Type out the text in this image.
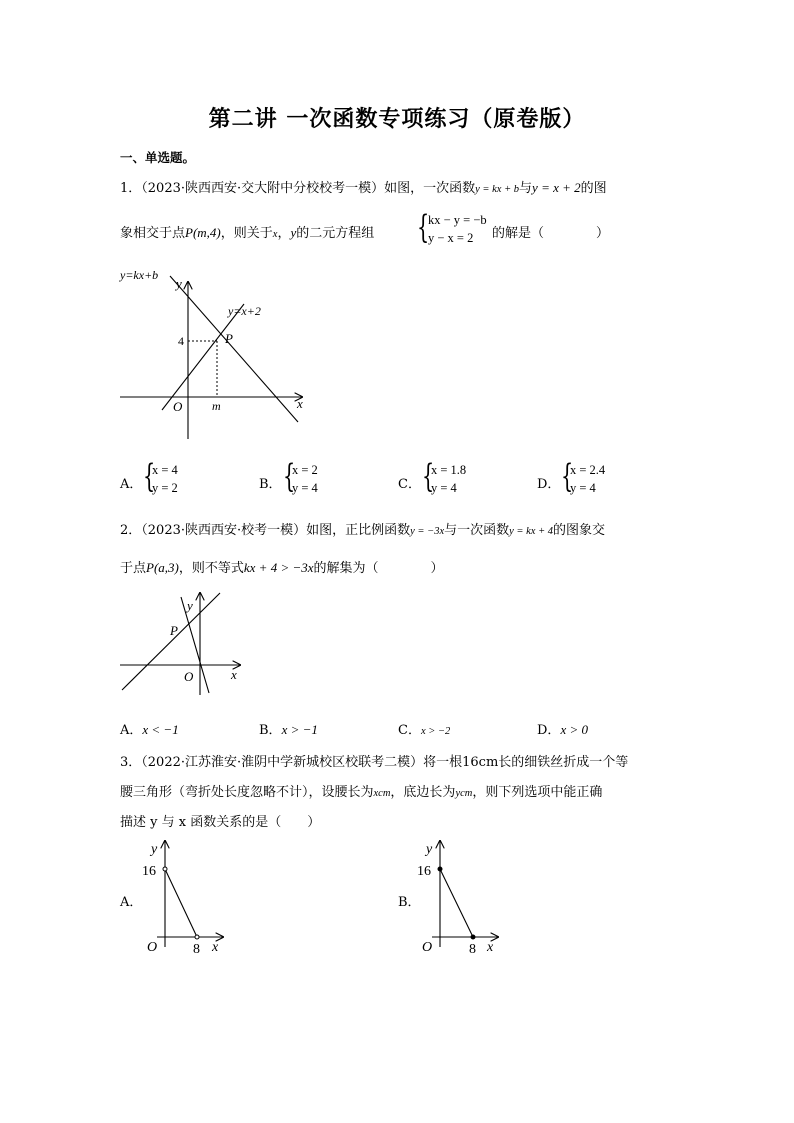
第二讲 一次函数专项练习（原卷版）
一、单选题。
1．（2023·陕西西安·交大附中分校校考一模）如图，一次函数y = kx + b与y = x + 2的图
象相交于点P(m,4)，则关于x，y的二元方程组 {
kx − y = −b
y − x = 2	的解是（　　　　）
y=kx+b
y=x+2
y
x
O
P
4
m
A． {
x = 4
y = 2	B． {
x = 2
y = 4	C． {
x = 1.8
y = 4	D． {
x = 2.4
y = 4
2．（2023·陕西西安·校考一模）如图，正比例函数y = −3x与一次函数y = kx + 4的图象交
于点P(a,3)，则不等式kx + 4 > −3x的解集为（　　　　）
y
x
O
P
A．x < −1	B．x > −1	C．x > −2	D．x > 0
3．（2022·江苏淮安·淮阴中学新城校区校联考二模）将一根16cm长的细铁丝折成一个等
腰三角形（弯折处长度忽略不计），设腰长为xcm，底边长为ycm，则下列选项中能正确
描述 y 与 x 函数关系的是（　　）
A．
y
x
O
16
8
B．
y
x
O
16
8
